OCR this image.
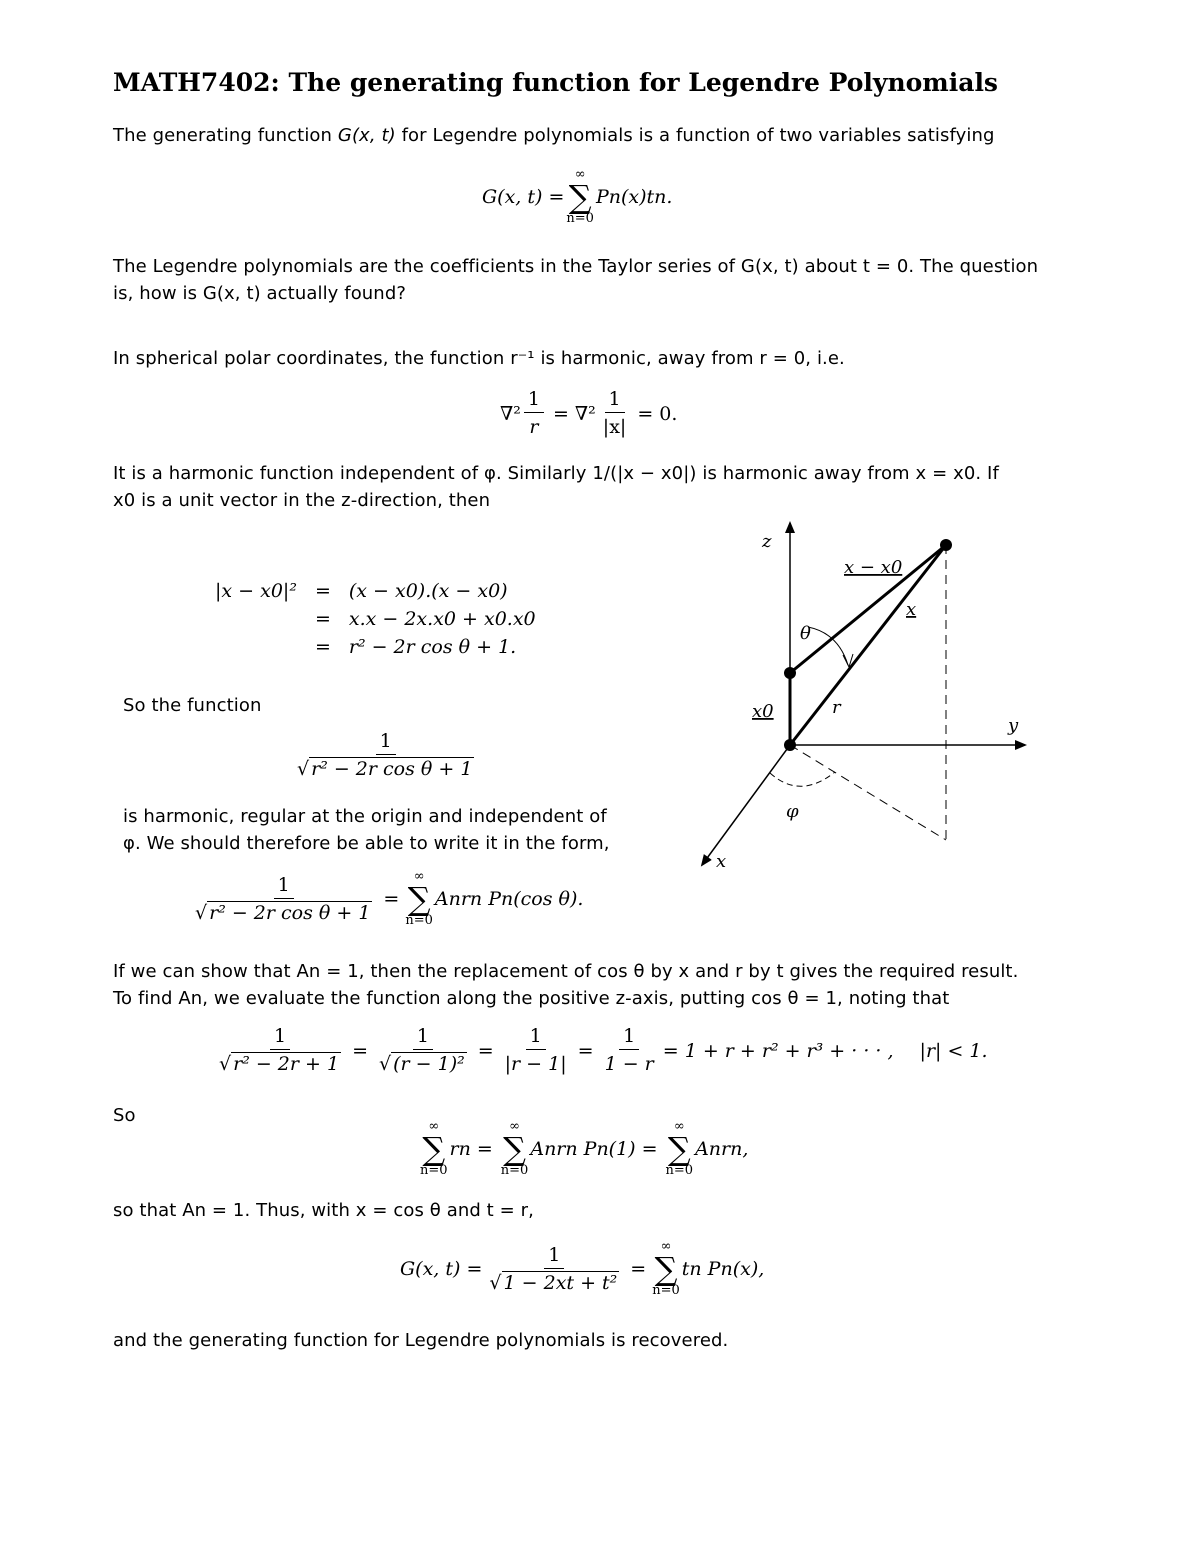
MATH7402: The generating function for Legendre Polynomials
The generating function G(x, t) for Legendre polynomials is a function of two variables satisfying
G(x, t) =
∞
∑
n=0
Pn(x)tn.
The Legendre polynomials are the coefficients in the Taylor series of G(x, t) about t = 0. The question
is, how is G(x, t) actually found?
In spherical polar coordinates, the function r⁻¹ is harmonic, away from r = 0, i.e.
$\nabla^2 \frac{1}{r} = \nabla^2 \frac{1}{|x|} = 0$.
It is a harmonic function independent of φ. Similarly 1/(|x − x0|) is harmonic away from x = x0. If
x0 is a unit vector in the z-direction, then
|x − x0|² = (x − x0).(x − x0)
= x.x − 2x.x0 + x0.x0
= r² − 2r cos θ + 1.
So the function
$\frac{1}{\text{√ r² − 2r cos θ + 1}}$
is harmonic, regular at the origin and independent of
φ. We should therefore be able to write it in the form,
$\frac{1}{\text{√ r² − 2r cos θ + 1}}$ =
∞
∑
n=0
Anrn Pn(cos θ).
If we can show that An = 1, then the replacement of cos θ by x and r by t gives the required result.
To find An, we evaluate the function along the positive z-axis, putting cos θ = 1, noting that
$\frac{1}{\text{√ r² − 2r + 1}} = \frac{1}{\text{√ (r − 1)²}} = \frac{1}{|r - 1|} = \frac{1}{1 - r} = 1 + r + r^2 + r^3$ + · · · , |r| < 1.
So
∞
∑
n=0
rn =
∞
∑
n=0
Anrn Pn(1) =
∞
∑
n=0
Anrn,
so that An = 1. Thus, with x = cos θ and t = r,
G(x, $t) = \frac{1}{\text{√ 1 − 2xt + t²}}$ =
∞
∑
n=0
tn Pn(x),
and the generating function for Legendre polynomials is recovered.
z
y
x
θ
φ
r
x
x0
x − x0
